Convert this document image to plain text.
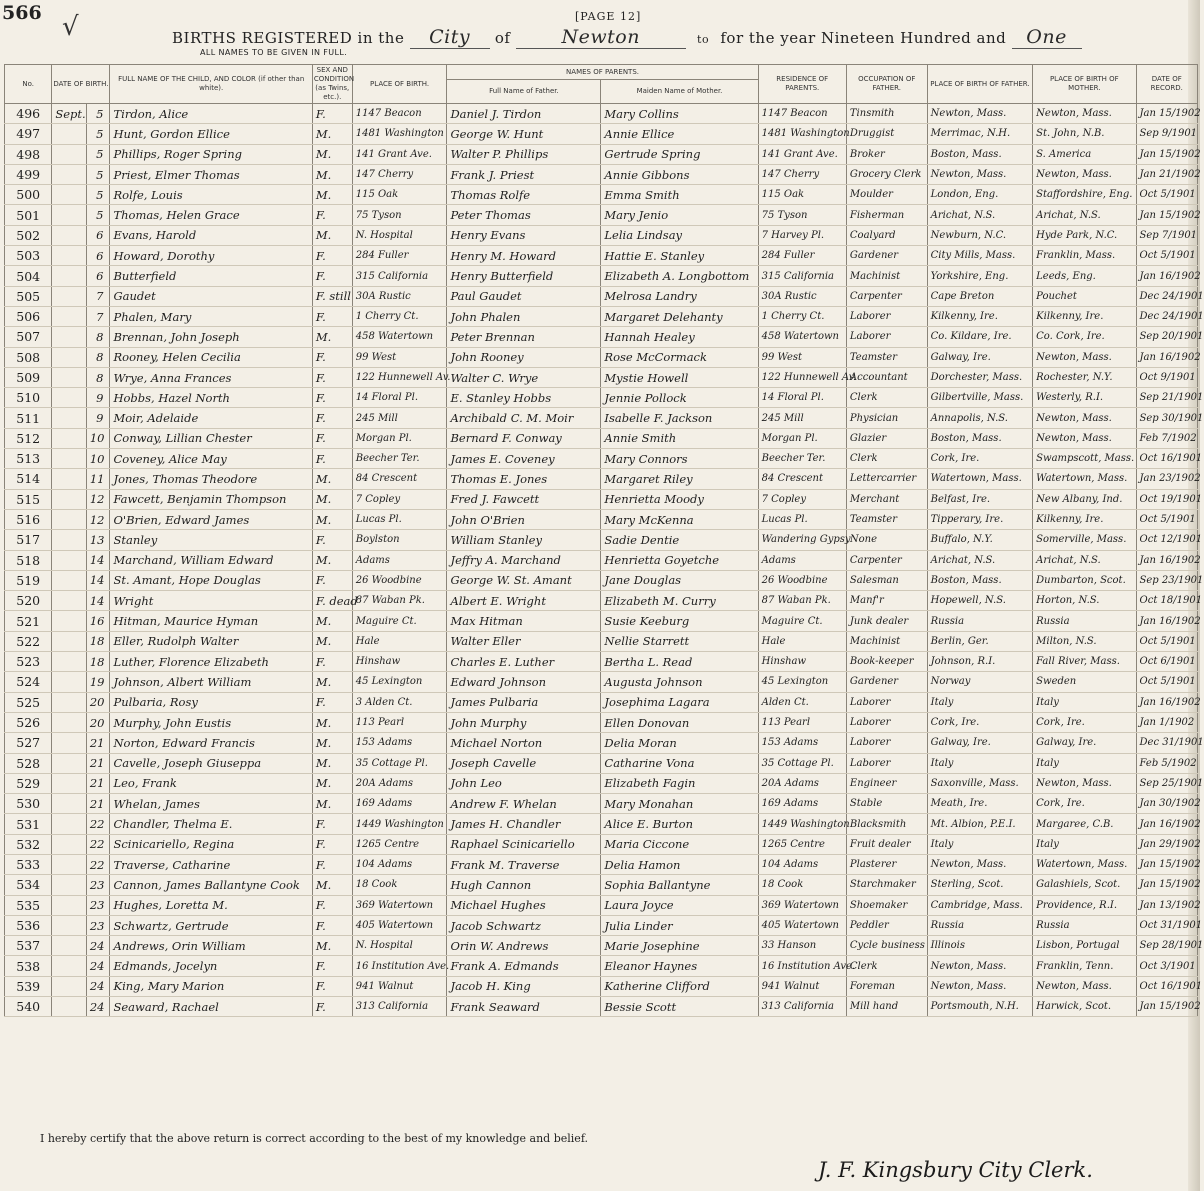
566 √	[PAGE 12]
BIRTHS REGISTERED in the City of	Newton	to for the year Nineteen Hundred and One
ALL NAMES TO BE GIVEN IN FULL.
No.	DATE OF BIRTH.		FULL NAME OF THE CHILD, AND COLOR (if other than white).	SEX AND CONDITION (as Twins, etc.).	PLACE OF BIRTH.	NAMES OF PARENTS.		RESIDENCE OF PARENTS.	OCCUPATION OF FATHER.	PLACE OF BIRTH OF FATHER.	PLACE OF BIRTH OF MOTHER.	DATE OF RECORD.
						Full Name of Father.	Maiden Name of Mother.					
496	Sept.	5	Tirdon, Alice	F.	1147 Beacon	Daniel J. Tirdon	Mary Collins	1147 Beacon	Tinsmith	Newton, Mass.	Newton, Mass.	Jan 15/1902
497		5	Hunt, Gordon Ellice	M.	1481 Washington	George W. Hunt	Annie Ellice	1481 Washington	Druggist	Merrimac, N.H.	St. John, N.B.	Sep 9/1901
498		5	Phillips, Roger Spring	M.	141 Grant Ave.	Walter P. Phillips	Gertrude Spring	141 Grant Ave.	Broker	Boston, Mass.	S. America	Jan 15/1902
499		5	Priest, Elmer Thomas	M.	147 Cherry	Frank J. Priest	Annie Gibbons	147 Cherry	Grocery Clerk	Newton, Mass.	Newton, Mass.	Jan 21/1902
500		5	Rolfe, Louis	M.	115 Oak	Thomas Rolfe	Emma Smith	115 Oak	Moulder	London, Eng.	Staffordshire, Eng.	Oct 5/1901
501		5	Thomas, Helen Grace	F.	75 Tyson	Peter Thomas	Mary Jenio	75 Tyson	Fisherman	Arichat, N.S.	Arichat, N.S.	Jan 15/1902
502		6	Evans, Harold	M.	N. Hospital	Henry Evans	Lelia Lindsay	7 Harvey Pl.	Coalyard	Newburn, N.C.	Hyde Park, N.C.	Sep 7/1901
503		6	Howard, Dorothy	F.	284 Fuller	Henry M. Howard	Hattie E. Stanley	284 Fuller	Gardener	City Mills, Mass.	Franklin, Mass.	Oct 5/1901
504		6	Butterfield	F.	315 California	Henry Butterfield	Elizabeth A. Longbottom	315 California	Machinist	Yorkshire, Eng.	Leeds, Eng.	Jan 16/1902
505		7	Gaudet	F. still	30A Rustic	Paul Gaudet	Melrosa Landry	30A Rustic	Carpenter	Cape Breton	Pouchet	Dec 24/1901
506		7	Phalen, Mary	F.	1 Cherry Ct.	John Phalen	Margaret Delehanty	1 Cherry Ct.	Laborer	Kilkenny, Ire.	Kilkenny, Ire.	Dec 24/1901
507		8	Brennan, John Joseph	M.	458 Watertown	Peter Brennan	Hannah Healey	458 Watertown	Laborer	Co. Kildare, Ire.	Co. Cork, Ire.	Sep 20/1901
508		8	Rooney, Helen Cecilia	F.	99 West	John Rooney	Rose McCormack	99 West	Teamster	Galway, Ire.	Newton, Mass.	Jan 16/1902
509		8	Wrye, Anna Frances	F.	122 Hunnewell Av.	Walter C. Wrye	Mystie Howell	122 Hunnewell Av.	Accountant	Dorchester, Mass.	Rochester, N.Y.	Oct 9/1901
510		9	Hobbs, Hazel North	F.	14 Floral Pl.	E. Stanley Hobbs	Jennie Pollock	14 Floral Pl.	Clerk	Gilbertville, Mass.	Westerly, R.I.	Sep 21/1901
511		9	Moir, Adelaide	F.	245 Mill	Archibald C. M. Moir	Isabelle F. Jackson	245 Mill	Physician	Annapolis, N.S.	Newton, Mass.	Sep 30/1901
512		10	Conway, Lillian Chester	F.	Morgan Pl.	Bernard F. Conway	Annie Smith	Morgan Pl.	Glazier	Boston, Mass.	Newton, Mass.	Feb 7/1902
513		10	Coveney, Alice May	F.	Beecher Ter.	James E. Coveney	Mary Connors	Beecher Ter.	Clerk	Cork, Ire.	Swampscott, Mass.	Oct 16/1901
514		11	Jones, Thomas Theodore	M.	84 Crescent	Thomas E. Jones	Margaret Riley	84 Crescent	Lettercarrier	Watertown, Mass.	Watertown, Mass.	Jan 23/1902
515		12	Fawcett, Benjamin Thompson	M.	7 Copley	Fred J. Fawcett	Henrietta Moody	7 Copley	Merchant	Belfast, Ire.	New Albany, Ind.	Oct 19/1901
516		12	O'Brien, Edward James	M.	Lucas Pl.	John O'Brien	Mary McKenna	Lucas Pl.	Teamster	Tipperary, Ire.	Kilkenny, Ire.	Oct 5/1901
517		13	Stanley	F.	Boylston	William Stanley	Sadie Dentie	Wandering Gypsy	None	Buffalo, N.Y.	Somerville, Mass.	Oct 12/1901
518		14	Marchand, William Edward	M.	Adams	Jeffry A. Marchand	Henrietta Goyetche	Adams	Carpenter	Arichat, N.S.	Arichat, N.S.	Jan 16/1902
519		14	St. Amant, Hope Douglas	F.	26 Woodbine	George W. St. Amant	Jane Douglas	26 Woodbine	Salesman	Boston, Mass.	Dumbarton, Scot.	Sep 23/1901
520		14	Wright	F. dead	87 Waban Pk.	Albert E. Wright	Elizabeth M. Curry	87 Waban Pk.	Manf'r	Hopewell, N.S.	Horton, N.S.	Oct 18/1901
521		16	Hitman, Maurice Hyman	M.	Maguire Ct.	Max Hitman	Susie Keeburg	Maguire Ct.	Junk dealer	Russia	Russia	Jan 16/1902
522		18	Eller, Rudolph Walter	M.	Hale	Walter Eller	Nellie Starrett	Hale	Machinist	Berlin, Ger.	Milton, N.S.	Oct 5/1901
523		18	Luther, Florence Elizabeth	F.	Hinshaw	Charles E. Luther	Bertha L. Read	Hinshaw	Book-keeper	Johnson, R.I.	Fall River, Mass.	Oct 6/1901
524		19	Johnson, Albert William	M.	45 Lexington	Edward Johnson	Augusta Johnson	45 Lexington	Gardener	Norway	Sweden	Oct 5/1901
525		20	Pulbaria, Rosy	F.	3 Alden Ct.	James Pulbaria	Josephima Lagara	Alden Ct.	Laborer	Italy	Italy	Jan 16/1902
526		20	Murphy, John Eustis	M.	113 Pearl	John Murphy	Ellen Donovan	113 Pearl	Laborer	Cork, Ire.	Cork, Ire.	Jan 1/1902
527		21	Norton, Edward Francis	M.	153 Adams	Michael Norton	Delia Moran	153 Adams	Laborer	Galway, Ire.	Galway, Ire.	Dec 31/1901
528		21	Cavelle, Joseph Giuseppa	M.	35 Cottage Pl.	Joseph Cavelle	Catharine Vona	35 Cottage Pl.	Laborer	Italy	Italy	Feb 5/1902
529		21	Leo, Frank	M.	20A Adams	John Leo	Elizabeth Fagin	20A Adams	Engineer	Saxonville, Mass.	Newton, Mass.	Sep 25/1901
530		21	Whelan, James	M.	169 Adams	Andrew F. Whelan	Mary Monahan	169 Adams	Stable	Meath, Ire.	Cork, Ire.	Jan 30/1902
531		22	Chandler, Thelma E.	F.	1449 Washington	James H. Chandler	Alice E. Burton	1449 Washington	Blacksmith	Mt. Albion, P.E.I.	Margaree, C.B.	Jan 16/1902
532		22	Scinicariello, Regina	F.	1265 Centre	Raphael Scinicariello	Maria Ciccone	1265 Centre	Fruit dealer	Italy	Italy	Jan 29/1902
533		22	Traverse, Catharine	F.	104 Adams	Frank M. Traverse	Delia Hamon	104 Adams	Plasterer	Newton, Mass.	Watertown, Mass.	Jan 15/1902
534		23	Cannon, James Ballantyne Cook	M.	18 Cook	Hugh Cannon	Sophia Ballantyne	18 Cook	Starchmaker	Sterling, Scot.	Galashiels, Scot.	Jan 15/1902
535		23	Hughes, Loretta M.	F.	369 Watertown	Michael Hughes	Laura Joyce	369 Watertown	Shoemaker	Cambridge, Mass.	Providence, R.I.	Jan 13/1902
536		23	Schwartz, Gertrude	F.	405 Watertown	Jacob Schwartz	Julia Linder	405 Watertown	Peddler	Russia	Russia	Oct 31/1901
537		24	Andrews, Orin William	M.	N. Hospital	Orin W. Andrews	Marie Josephine	33 Hanson	Cycle business	Illinois	Lisbon, Portugal	Sep 28/1901
538		24	Edmands, Jocelyn	F.	16 Institution Ave.	Frank A. Edmands	Eleanor Haynes	16 Institution Ave.	Clerk	Newton, Mass.	Franklin, Tenn.	Oct 3/1901
539		24	King, Mary Marion	F.	941 Walnut	Jacob H. King	Katherine Clifford	941 Walnut	Foreman	Newton, Mass.	Newton, Mass.	Oct 16/1901
540		24	Seaward, Rachael	F.	313 California	Frank Seaward	Bessie Scott	313 California	Mill hand	Portsmouth, N.H.	Harwick, Scot.	Jan 15/1902
I hereby certify that the above return is correct according to the best of my knowledge and belief.
J. F. Kingsbury City Clerk.
